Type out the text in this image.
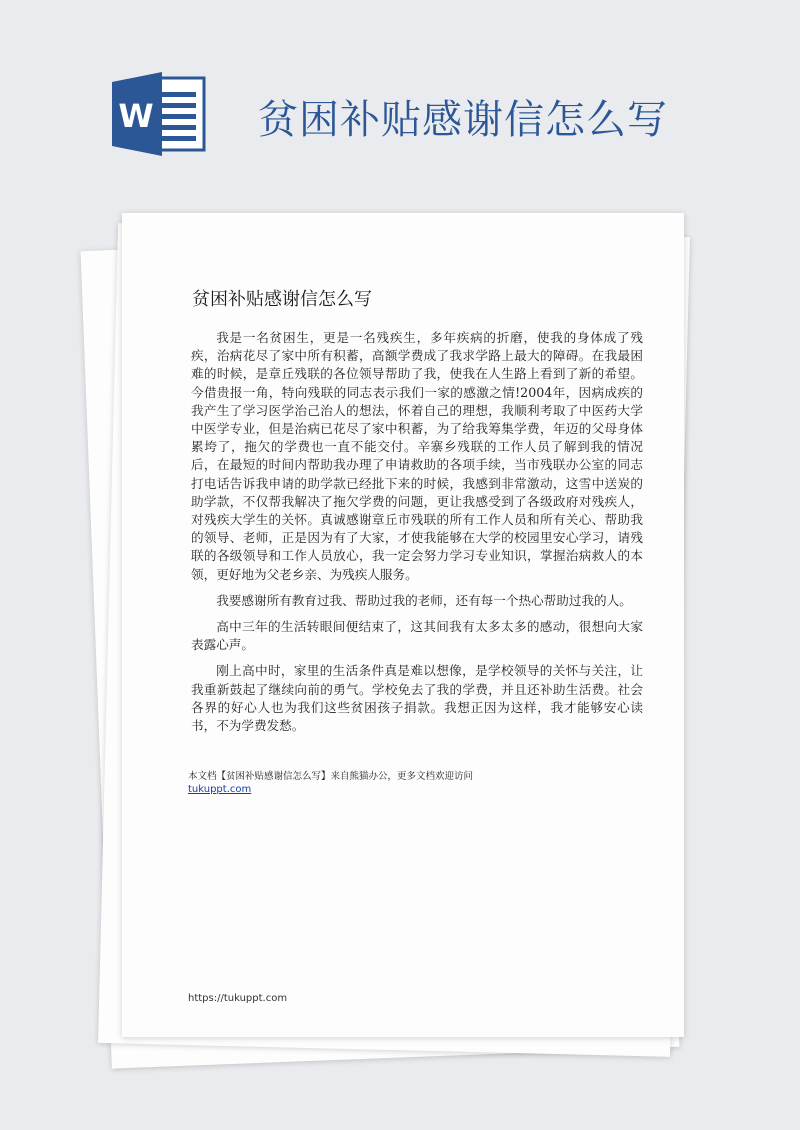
W	贫困补贴感谢信怎么写
贫困补贴感谢信怎么写

我是一名贫困生，更是一名残疾生，多年疾病的折磨，使我的身体成了残疾，治病花尽了家中所有积蓄，高额学费成了我求学路上最大的障碍。在我最困难的时候，是章丘残联的各位领导帮助了我，使我在人生路上看到了新的希望。今借贵报一角，特向残联的同志表示我们一家的感激之情!2004年，因病成疾的我产生了学习医学治己治人的想法，怀着自己的理想，我顺利考取了中医药大学中医学专业，但是治病已花尽了家中积蓄，为了给我筹集学费，年迈的父母身体累垮了，拖欠的学费也一直不能交付。辛寨乡残联的工作人员了解到我的情况后，在最短的时间内帮助我办理了申请救助的各项手续，当市残联办公室的同志打电话告诉我申请的助学款已经批下来的时候，我感到非常激动，这雪中送炭的助学款，不仅帮我解决了拖欠学费的问题，更让我感受到了各级政府对残疾人，对残疾大学生的关怀。真诚感谢章丘市残联的所有工作人员和所有关心、帮助我的领导、老师，正是因为有了大家，才使我能够在大学的校园里安心学习，请残联的各级领导和工作人员放心，我一定会努力学习专业知识，掌握治病救人的本领，更好地为父老乡亲、为残疾人服务。

我要感谢所有教育过我、帮助过我的老师，还有每一个热心帮助过我的人。

高中三年的生活转眼间便结束了，这其间我有太多太多的感动，很想向大家表露心声。

刚上高中时，家里的生活条件真是难以想像，是学校领导的关怀与关注，让我重新鼓起了继续向前的勇气。学校免去了我的学费，并且还补助生活费。社会各界的好心人也为我们这些贫困孩子捐款。我想正因为这样，我才能够安心读书，不为学费发愁。

本文档【贫困补贴感谢信怎么写】来自熊猫办公，更多文档欢迎访问
tukuppt.com
https://tukuppt.com
